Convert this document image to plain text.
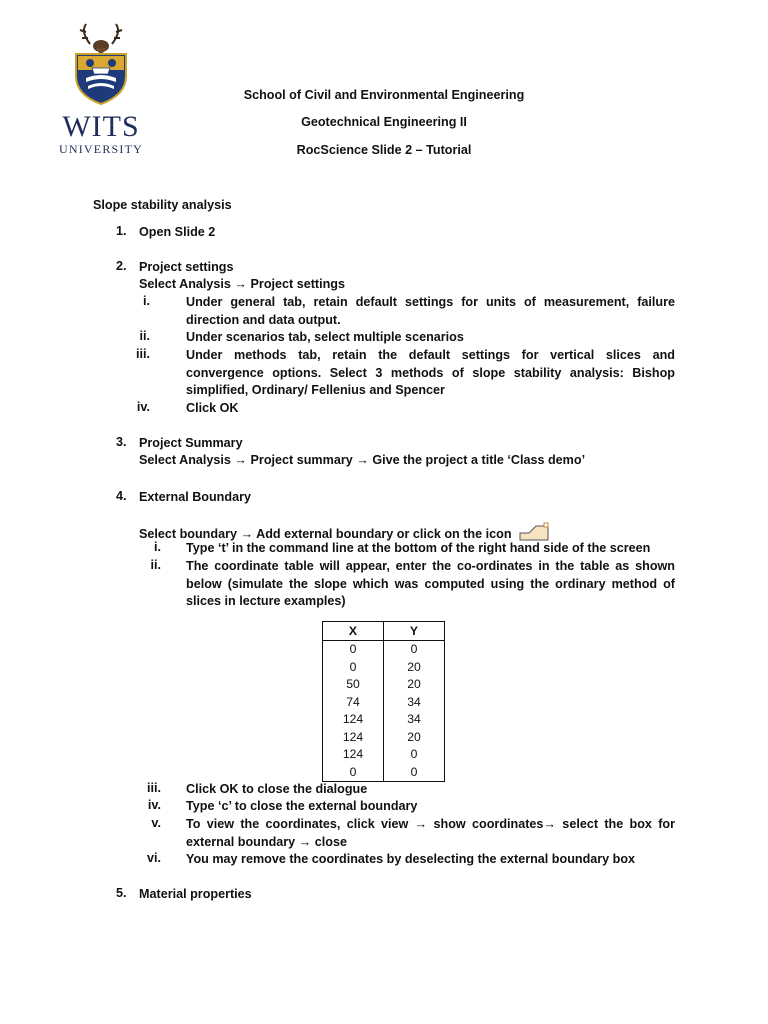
WITS
UNIVERSITY
School of Civil and Environmental Engineering
Geotechnical Engineering II
RocScience Slide 2 – Tutorial
Slope stability analysis
1. Open Slide 2
2. Project settings
Select Analysis → Project settings
i.	Under general tab, retain default settings for units of measurement, failure
direction and data output.
ii.	Under scenarios tab, select multiple scenarios
iii.	Under methods tab, retain the default settings for vertical slices and
convergence options. Select 3 methods of slope stability analysis: Bishop
simplified, Ordinary/ Fellenius and Spencer
iv.	Click OK
3. Project Summary
Select Analysis → Project summary → Give the project a title ‘Class demo’
4. External Boundary
Select boundary → Add external boundary or click on the icon
i. Type ‘t’ in the command line at the bottom of the right hand side of the screen
ii. The coordinate table will appear, enter the co-ordinates in the table as shown
below (simulate the slope which was computed using the ordinary method of
slices in lecture examples)
X	Y
0	0
0	20
50	20
74	34
124	34
124	20
124	0
0	0
iii. Click OK to close the dialogue
iv. Type ‘c’ to close the external boundary
v. To view the coordinates, click view → show coordinates→ select the box for
external boundary → close
vi. You may remove the coordinates by deselecting the external boundary box
5. Material properties
